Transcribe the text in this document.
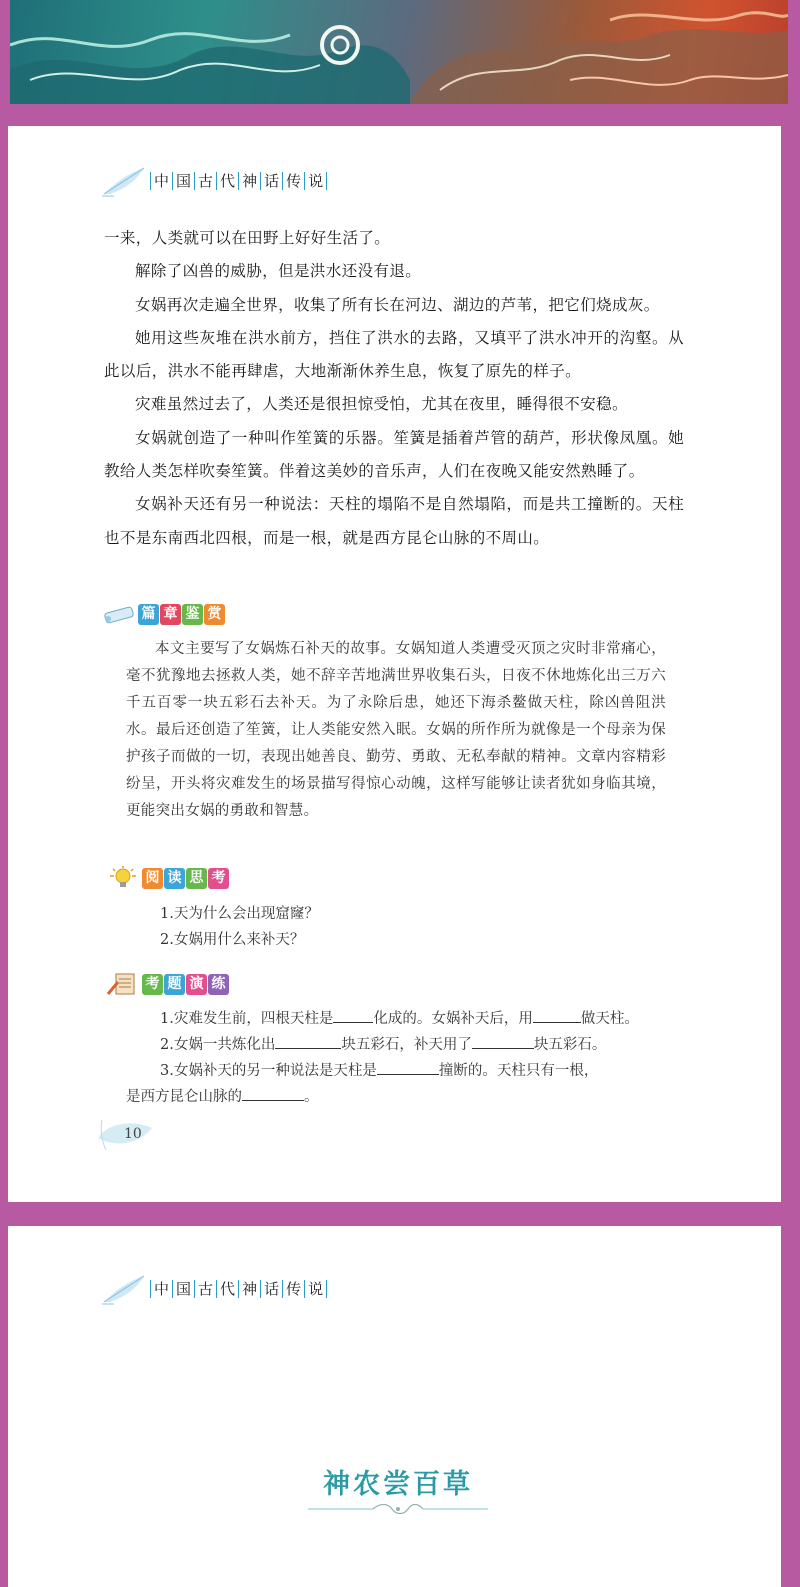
中 国 古 代 神 话 传 说

一来，人类就可以在田野上好好生活了。

解除了凶兽的威胁，但是洪水还没有退。

女娲再次走遍全世界，收集了所有长在河边、湖边的芦苇，把它们烧成灰。

她用这些灰堆在洪水前方，挡住了洪水的去路，又填平了洪水冲开的沟壑。从此以后，洪水不能再肆虐，大地渐渐休养生息，恢复了原先的样子。

灾难虽然过去了，人类还是很担惊受怕，尤其在夜里，睡得很不安稳。

女娲就创造了一种叫作笙簧的乐器。笙簧是插着芦管的葫芦，形状像凤凰。她教给人类怎样吹奏笙簧。伴着这美妙的音乐声，人们在夜晚又能安然熟睡了。

女娲补天还有另一种说法：天柱的塌陷不是自然塌陷，而是共工撞断的。天柱也不是东南西北四根，而是一根，就是西方昆仑山脉的不周山。

篇 章 鉴 赏

本文主要写了女娲炼石补天的故事。女娲知道人类遭受灭顶之灾时非常痛心，毫不犹豫地去拯救人类，她不辞辛苦地满世界收集石头，日夜不休地炼化出三万六千五百零一块五彩石去补天。为了永除后患，她还下海杀鳌做天柱，除凶兽阻洪水。最后还创造了笙簧，让人类能安然入眠。女娲的所作所为就像是一个母亲为保护孩子而做的一切，表现出她善良、勤劳、勇敢、无私奉献的精神。文章内容精彩纷呈，开头将灾难发生的场景描写得惊心动魄，这样写能够让读者犹如身临其境，更能突出女娲的勇敢和智慧。

阅 读 思 考
1.天为什么会出现窟窿？
2.女娲用什么来补天？
考 题 演 练
1.灾难发生前，四根天柱是	化成的。女娲补天后，用	做天柱。
2.女娲一共炼化出	块五彩石，补天用了	块五彩石。
3.女娲补天的另一种说法是天柱是	撞断的。天柱只有一根，
是西方昆仑山脉的	。
10
中 国 古 代 神 话 传 说
神农尝百草
